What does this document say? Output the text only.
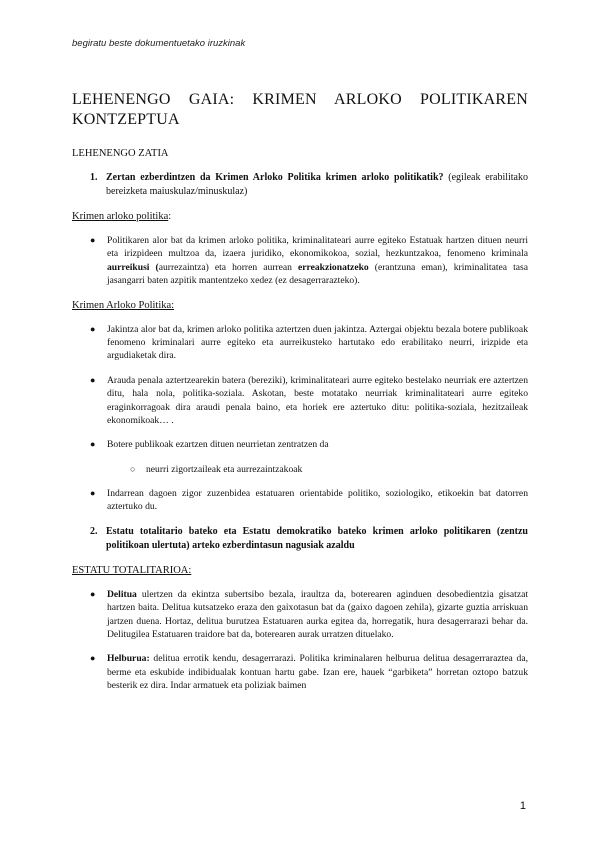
begiratu beste dokumentuetako iruzkinak
LEHENENGO GAIA: KRIMEN ARLOKO POLITIKAREN
KONTZEPTUA
LEHENENGO ZATIA
1. Zertan ezberdintzen da Krimen Arloko Politika krimen arloko politikatik? (egileak erabilitako bereizketa maiuskulaz/minuskulaz)
Krimen arloko politika:
●	Politikaren alor bat da krimen arloko politika, kriminalitateari aurre egiteko Estatuak hartzen dituen neurri eta irizpideen multzoa da, izaera juridiko, ekonomikokoa, sozial, hezkuntzakoa, fenomeno kriminala aurreikusi (aurrezaintza) eta horren aurrean erreakzionatzeko (erantzuna eman), kriminalitatea tasa jasangarri baten azpitik mantentzeko xedez (ez desagerrarazteko).
Krimen Arloko Politika:
●	Jakintza alor bat da, krimen arloko politika aztertzen duen jakintza. Aztergai objektu bezala botere publikoak fenomeno kriminalari aurre egiteko eta aurreikusteko hartutako edo erabilitako neurri, irizpide eta argudiaketak dira.
●	Arauda penala aztertzearekin batera (bereziki), kriminalitateari aurre egiteko bestelako neurriak ere aztertzen ditu, hala nola, politika-soziala. Askotan, beste motatako neurriak kriminalitateari aurre egiteko eraginkorragoak dira araudi penala baino, eta horiek ere aztertuko ditu: politika-soziala, hezitzaileak ekonomikoak… .
●	Botere publikoak ezartzen dituen neurrietan zentratzen da
○	neurri zigortzaileak eta aurrezaintzakoak
●	Indarrean dagoen zigor zuzenbidea estatuaren orientabide politiko, soziologiko, etikoekin bat datorren aztertuko du.
2. Estatu totalitario bateko eta Estatu demokratiko bateko krimen arloko politikaren (zentzu politikoan ulertuta) arteko ezberdintasun nagusiak azaldu
ESTATU TOTALITARIOA:
●	Delitua ulertzen da ekintza subertsibo bezala, iraultza da, boterearen aginduen desobedientzia gisatzat hartzen baita. Delitua kutsatzeko eraza den gaixotasun bat da (gaixo dagoen zehila), gizarte guztia arriskuan jartzen duena. Hortaz, delitua burutzea Estatuaren aurka egitea da, horregatik, hura desagerrarazi behar da. Delitugilea Estatuaren traidore bat da, boterearen aurak urratzen dituelako.
●	Helburua: delitua errotik kendu, desagerrarazi. Politika kriminalaren helburua delitua desagerraraztea da, berme eta eskubide indibidualak kontuan hartu gabe. Izan ere, hauek “garbiketa” horretan oztopo batzuk besterik ez dira. Indar armatuek eta poliziak baimen
1
